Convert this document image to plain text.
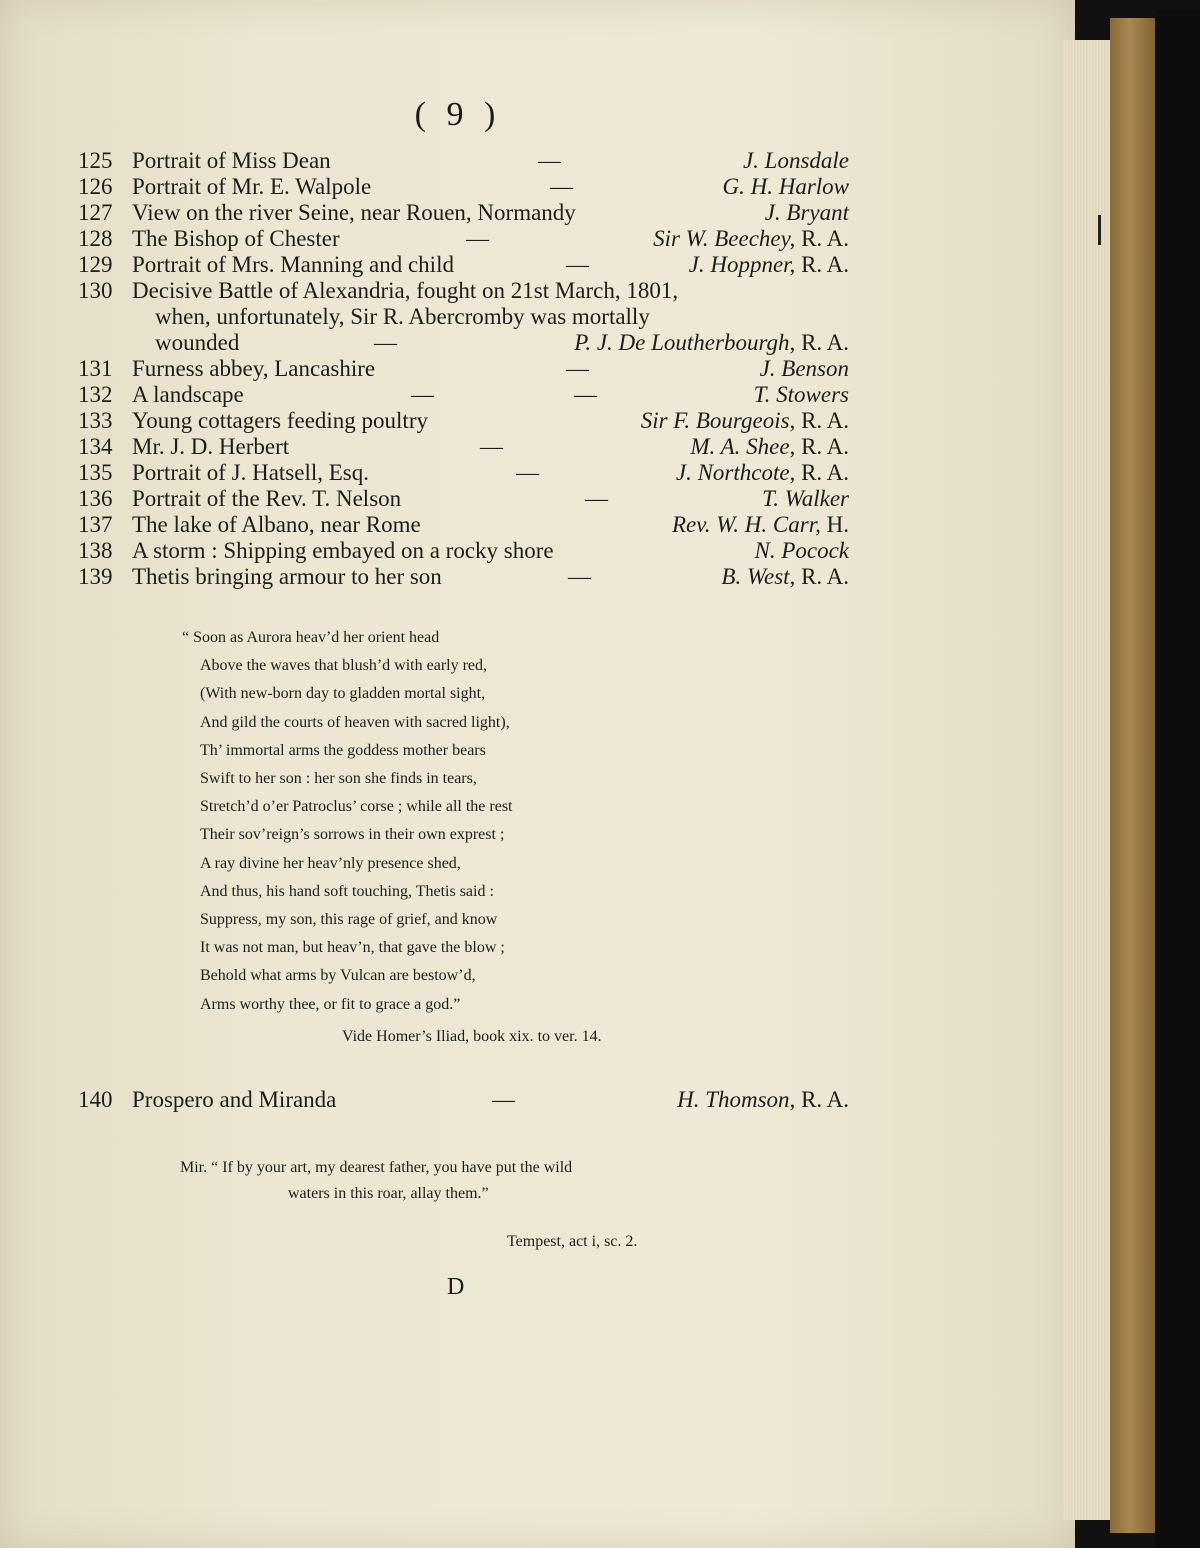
( 9 )
125 Portrait of Miss Dean	—	J. Lonsdale
126 Portrait of Mr. E. Walpole	—	G. H. Harlow
127 View on the river Seine, near Rouen, Normandy	J. Bryant
128 The Bishop of Chester	—	Sir W. Beechey, R. A.
129 Portrait of Mrs. Manning and child	—	J. Hoppner, R. A.
130 Decisive Battle of Alexandria, fought on 21st March, 1801,
when, unfortunately, Sir R. Abercromby was mortally
wounded	—	P. J. De Loutherbourgh, R. A.
131 Furness abbey, Lancashire	—	J. Benson
132 A landscape	—	—	T. Stowers
133 Young cottagers feeding poultry	Sir F. Bourgeois, R. A.
134 Mr. J. D. Herbert	—	M. A. Shee, R. A.
135 Portrait of J. Hatsell, Esq.	—	J. Northcote, R. A.
136 Portrait of the Rev. T. Nelson	—	T. Walker
137 The lake of Albano, near Rome	Rev. W. H. Carr, H.
138 A storm : Shipping embayed on a rocky shore	N. Pocock
139 Thetis bringing armour to her son	—	B. West, R. A.
“ Soon as Aurora heav’d her orient head
Above the waves that blush’d with early red,
(With new-born day to gladden mortal sight,
And gild the courts of heaven with sacred light),
Th’ immortal arms the goddess mother bears
Swift to her son : her son she finds in tears,
Stretch’d o’er Patroclus’ corse ; while all the rest
Their sov’reign’s sorrows in their own exprest ;
A ray divine her heav’nly presence shed,
And thus, his hand soft touching, Thetis said :
Suppress, my son, this rage of grief, and know
It was not man, but heav’n, that gave the blow ;
Behold what arms by Vulcan are bestow’d,
Arms worthy thee, or fit to grace a god.”
Vide Homer’s Iliad, book xix. to ver. 14.
140 Prospero and Miranda	—	H. Thomson, R. A.
Mir. “ If by your art, my dearest father, you have put the wild
waters in this roar, allay them.”
Tempest, act i, sc. 2.
D
